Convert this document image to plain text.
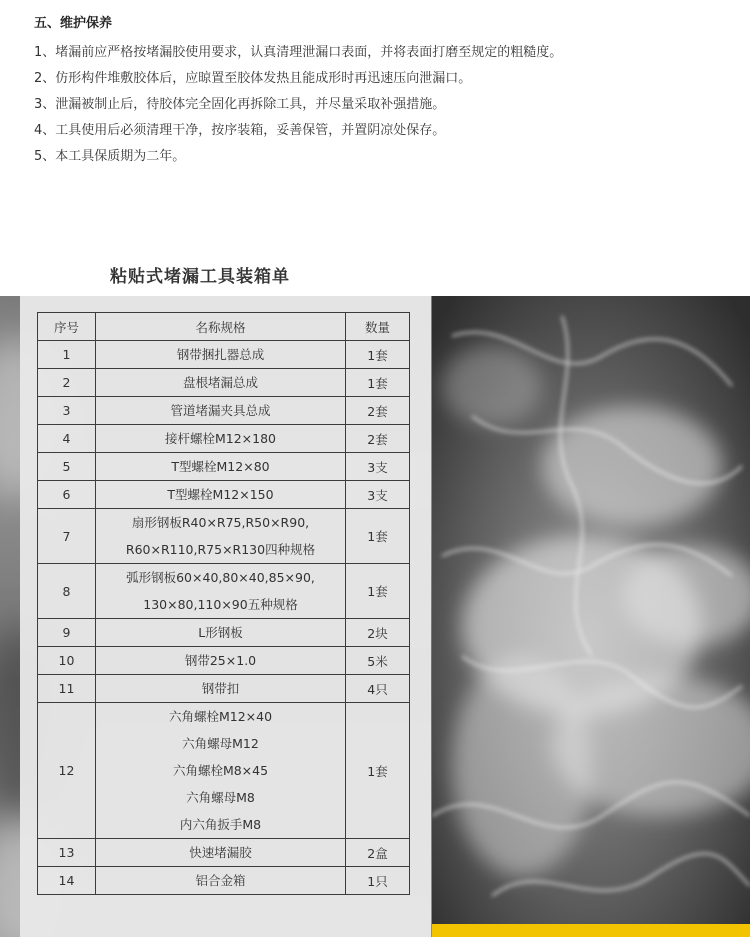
五、维护保养

1、堵漏前应严格按堵漏胶使用要求，认真清理泄漏口表面，并将表面打磨至规定的粗糙度。

2、仿形构件堆敷胶体后，应晾置至胶体发热且能成形时再迅速压向泄漏口。

3、泄漏被制止后，待胶体完全固化再拆除工具，并尽量采取补强措施。

4、工具使用后必须清理干净，按序装箱，妥善保管，并置阴凉处保存。

5、本工具保质期为二年。

粘贴式堵漏工具装箱单
序号	名称规格	数量
1	钢带捆扎器总成	1套
2	盘根堵漏总成	1套
3	管道堵漏夹具总成	2套
4	接杆螺栓M12×180	2套
5	T型螺栓M12×80	3支
6	T型螺栓M12×150	3支
7	扇形钢板R40×R75,R50×R90,
R60×R110,R75×R130四种规格	1套
8	弧形钢板60×40,80×40,85×90,
130×80,110×90五种规格	1套
9	L形钢板	2块
10	钢带25×1.0	5米
11	钢带扣	4只
12	六角螺栓M12×40
六角螺母M12
六角螺栓M8×45
六角螺母M8
内六角扳手M8	1套
13	快速堵漏胶	2盒
14	铝合金箱	1只
